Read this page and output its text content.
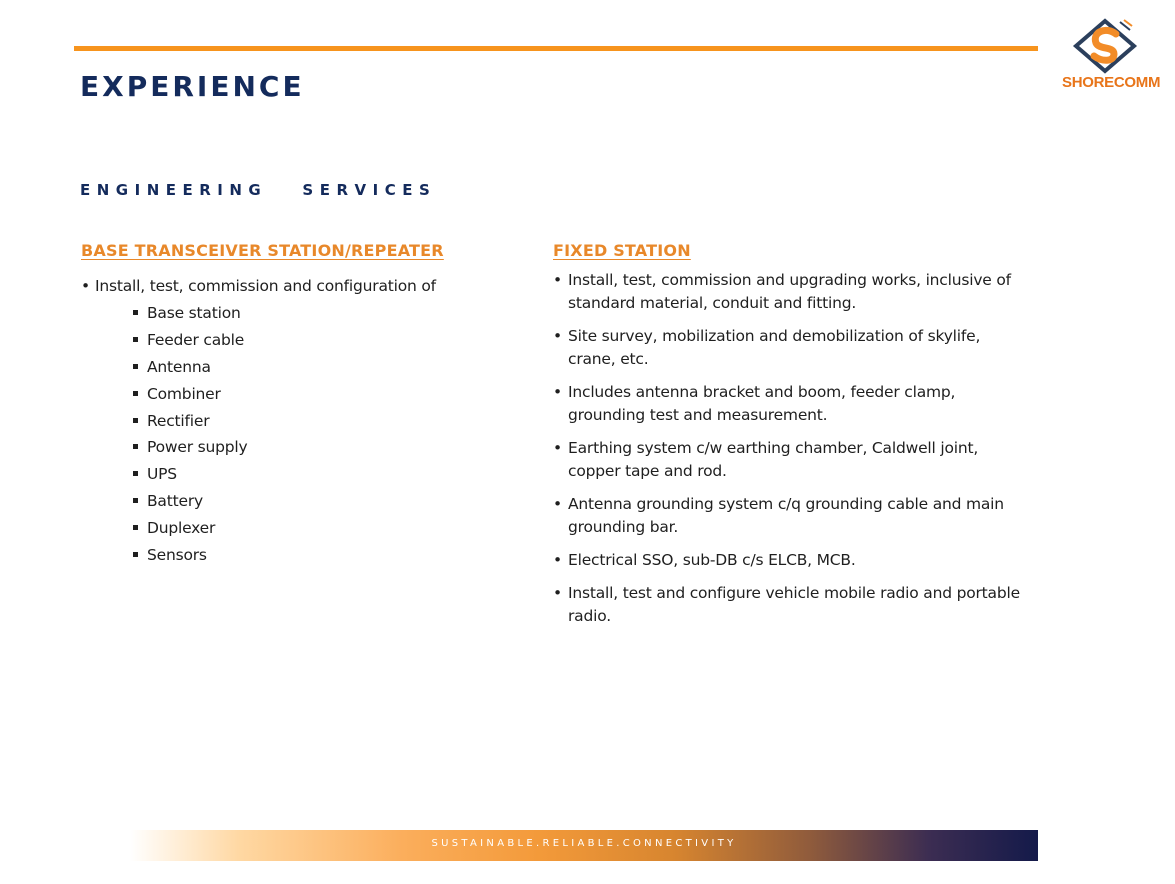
SHORECOMM
EXPERIENCE
ENGINEERING   SERVICES
BASE TRANSCEIVER STATION/REPEATER
• Install, test, commission and configuration of
Base station
Feeder cable
Antenna
Combiner
Rectifier
Power supply
UPS
Battery
Duplexer
Sensors
FIXED STATION
• Install, test, commission and upgrading works, inclusive of standard material, conduit and fitting.
• Site survey, mobilization and demobilization of skylife, crane, etc.
• Includes antenna bracket and boom, feeder clamp, grounding test and measurement.
• Earthing system c/w earthing chamber, Caldwell joint, copper tape and rod.
• Antenna grounding system c/q grounding cable and main grounding bar.
• Electrical SSO, sub-DB c/s ELCB, MCB.
• Install, test and configure vehicle mobile radio and portable radio.
SUSTAINABLE.RELIABLE.CONNECTIVITY
